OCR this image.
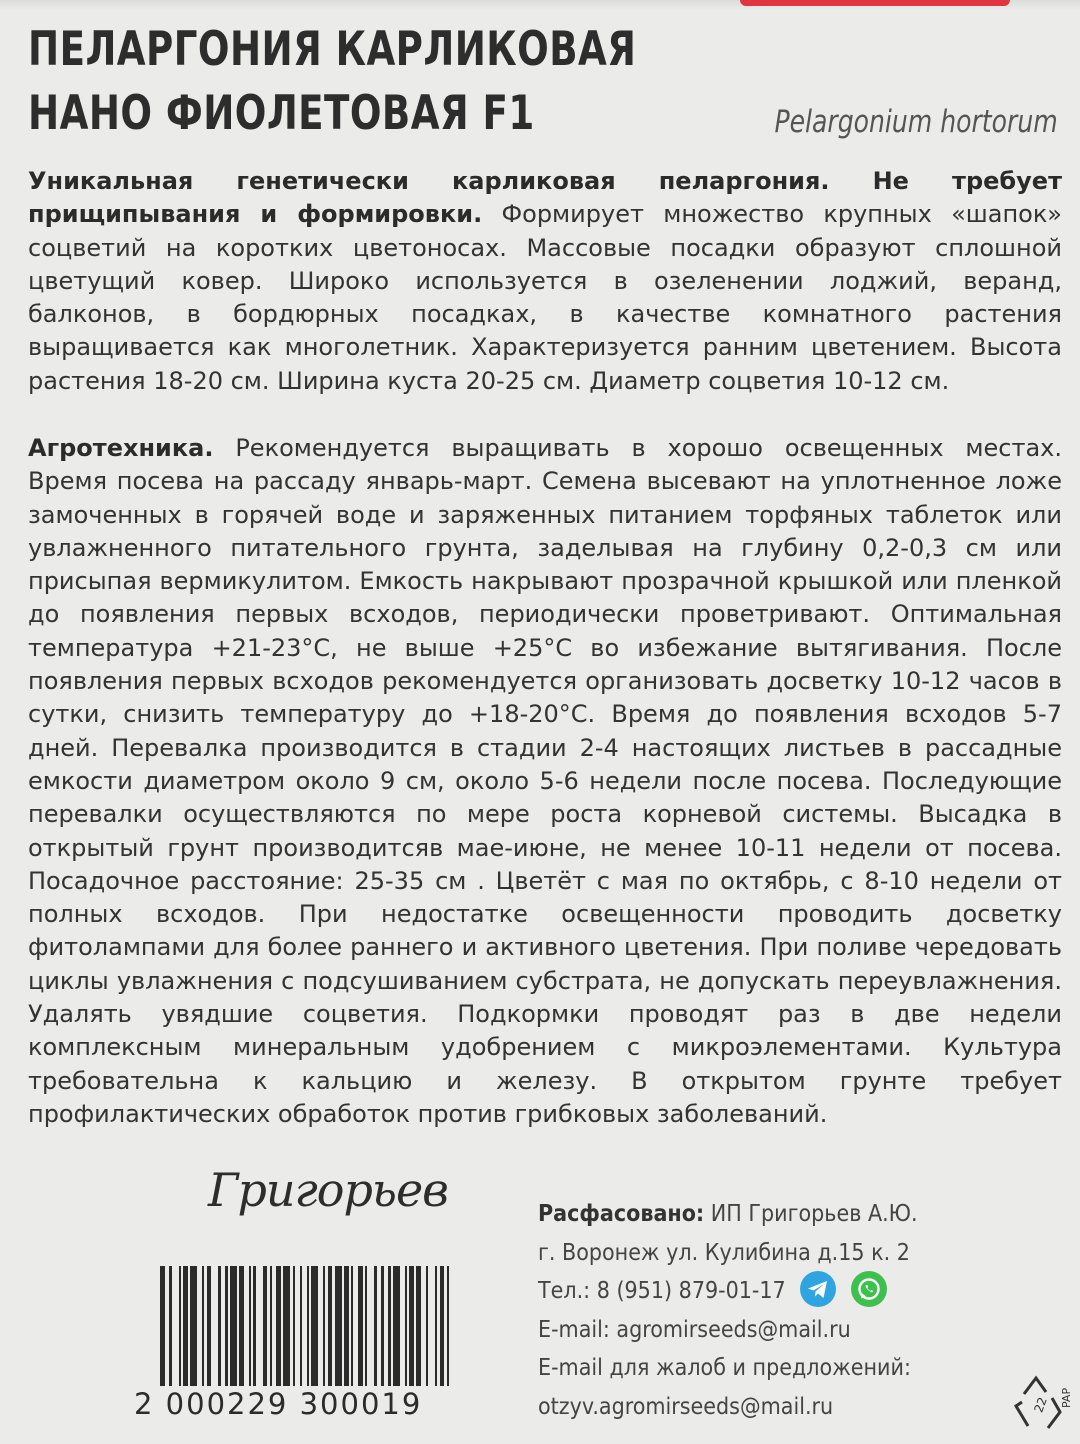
ПЕЛАРГОНИЯ КАРЛИКОВАЯ
НАНО ФИОЛЕТОВАЯ F1	Pelargonium hortorum
Уникальная генетически карликовая пеларгония. Не требует прищипывания и формировки. Формирует множество крупных «шапок» соцветий на коротких цветоносах. Массовые посадки образуют сплошной цветущий ковер. Широко используется в озеленении лоджий, веранд, балконов, в бордюрных посадках, в качестве комнатного растения выращивается как многолетник. Характеризуется ранним цветением. Высота растения 18-20 см. Ширина куста 20-25 см. Диаметр соцветия 10-12 см.
Агротехника. Рекомендуется выращивать в хорошо освещенных местах. Время посева на рассаду январь-март. Семена высевают на уплотненное ложе замоченных в горячей воде и заряженных питанием торфяных таблеток или увлажненного питательного грунта, заделывая на глубину 0,2-0,3 см или присыпая вермикулитом. Емкость накрывают прозрачной крышкой или пленкой до появления первых всходов, периодически проветривают. Оптимальная температура +21-23°С, не выше +25°С во избежание вытягивания. После появления первых всходов рекомендуется организовать досветку 10-12 часов в сутки, снизить температуру до +18-20°С. Время до появления всходов 5-7 дней. Перевалка производится в стадии 2-4 настоящих листьев в рассадные емкости диаметром около 9 см, около 5-6 недели после посева. Последующие перевалки осуществляются по мере роста корневой системы. Высадка в открытый грунт производитсяв мае-июне, не менее 10-11 недели от посева. Посадочное расстояние: 25-35 см . Цветёт с мая по октябрь, с 8-10 недели от полных всходов. При недостатке освещенности проводить досветку фитолампами для более раннего и активного цветения. При поливе чередовать циклы увлажнения с подсушиванием субстрата, не допускать переувлажнения. Удалять увядшие соцветия. Подкормки проводят раз в две недели комплексным минеральным удобрением с микроэлементами. Культура требовательна к кальцию и железу. В открытом грунте требует профилактических обработок против грибковых заболеваний.
Григорьев
2 000229 300019
Расфасовано: ИП Григорьев А.Ю.
г. Воронеж ул. Кулибина д.15 к. 2
Тел.: 8 (951) 879-01-17

E-mail: agromirseeds@mail.ru
E-mail для жалоб и предложений:
otzyv.agromirseeds@mail.ru	22 PAP
